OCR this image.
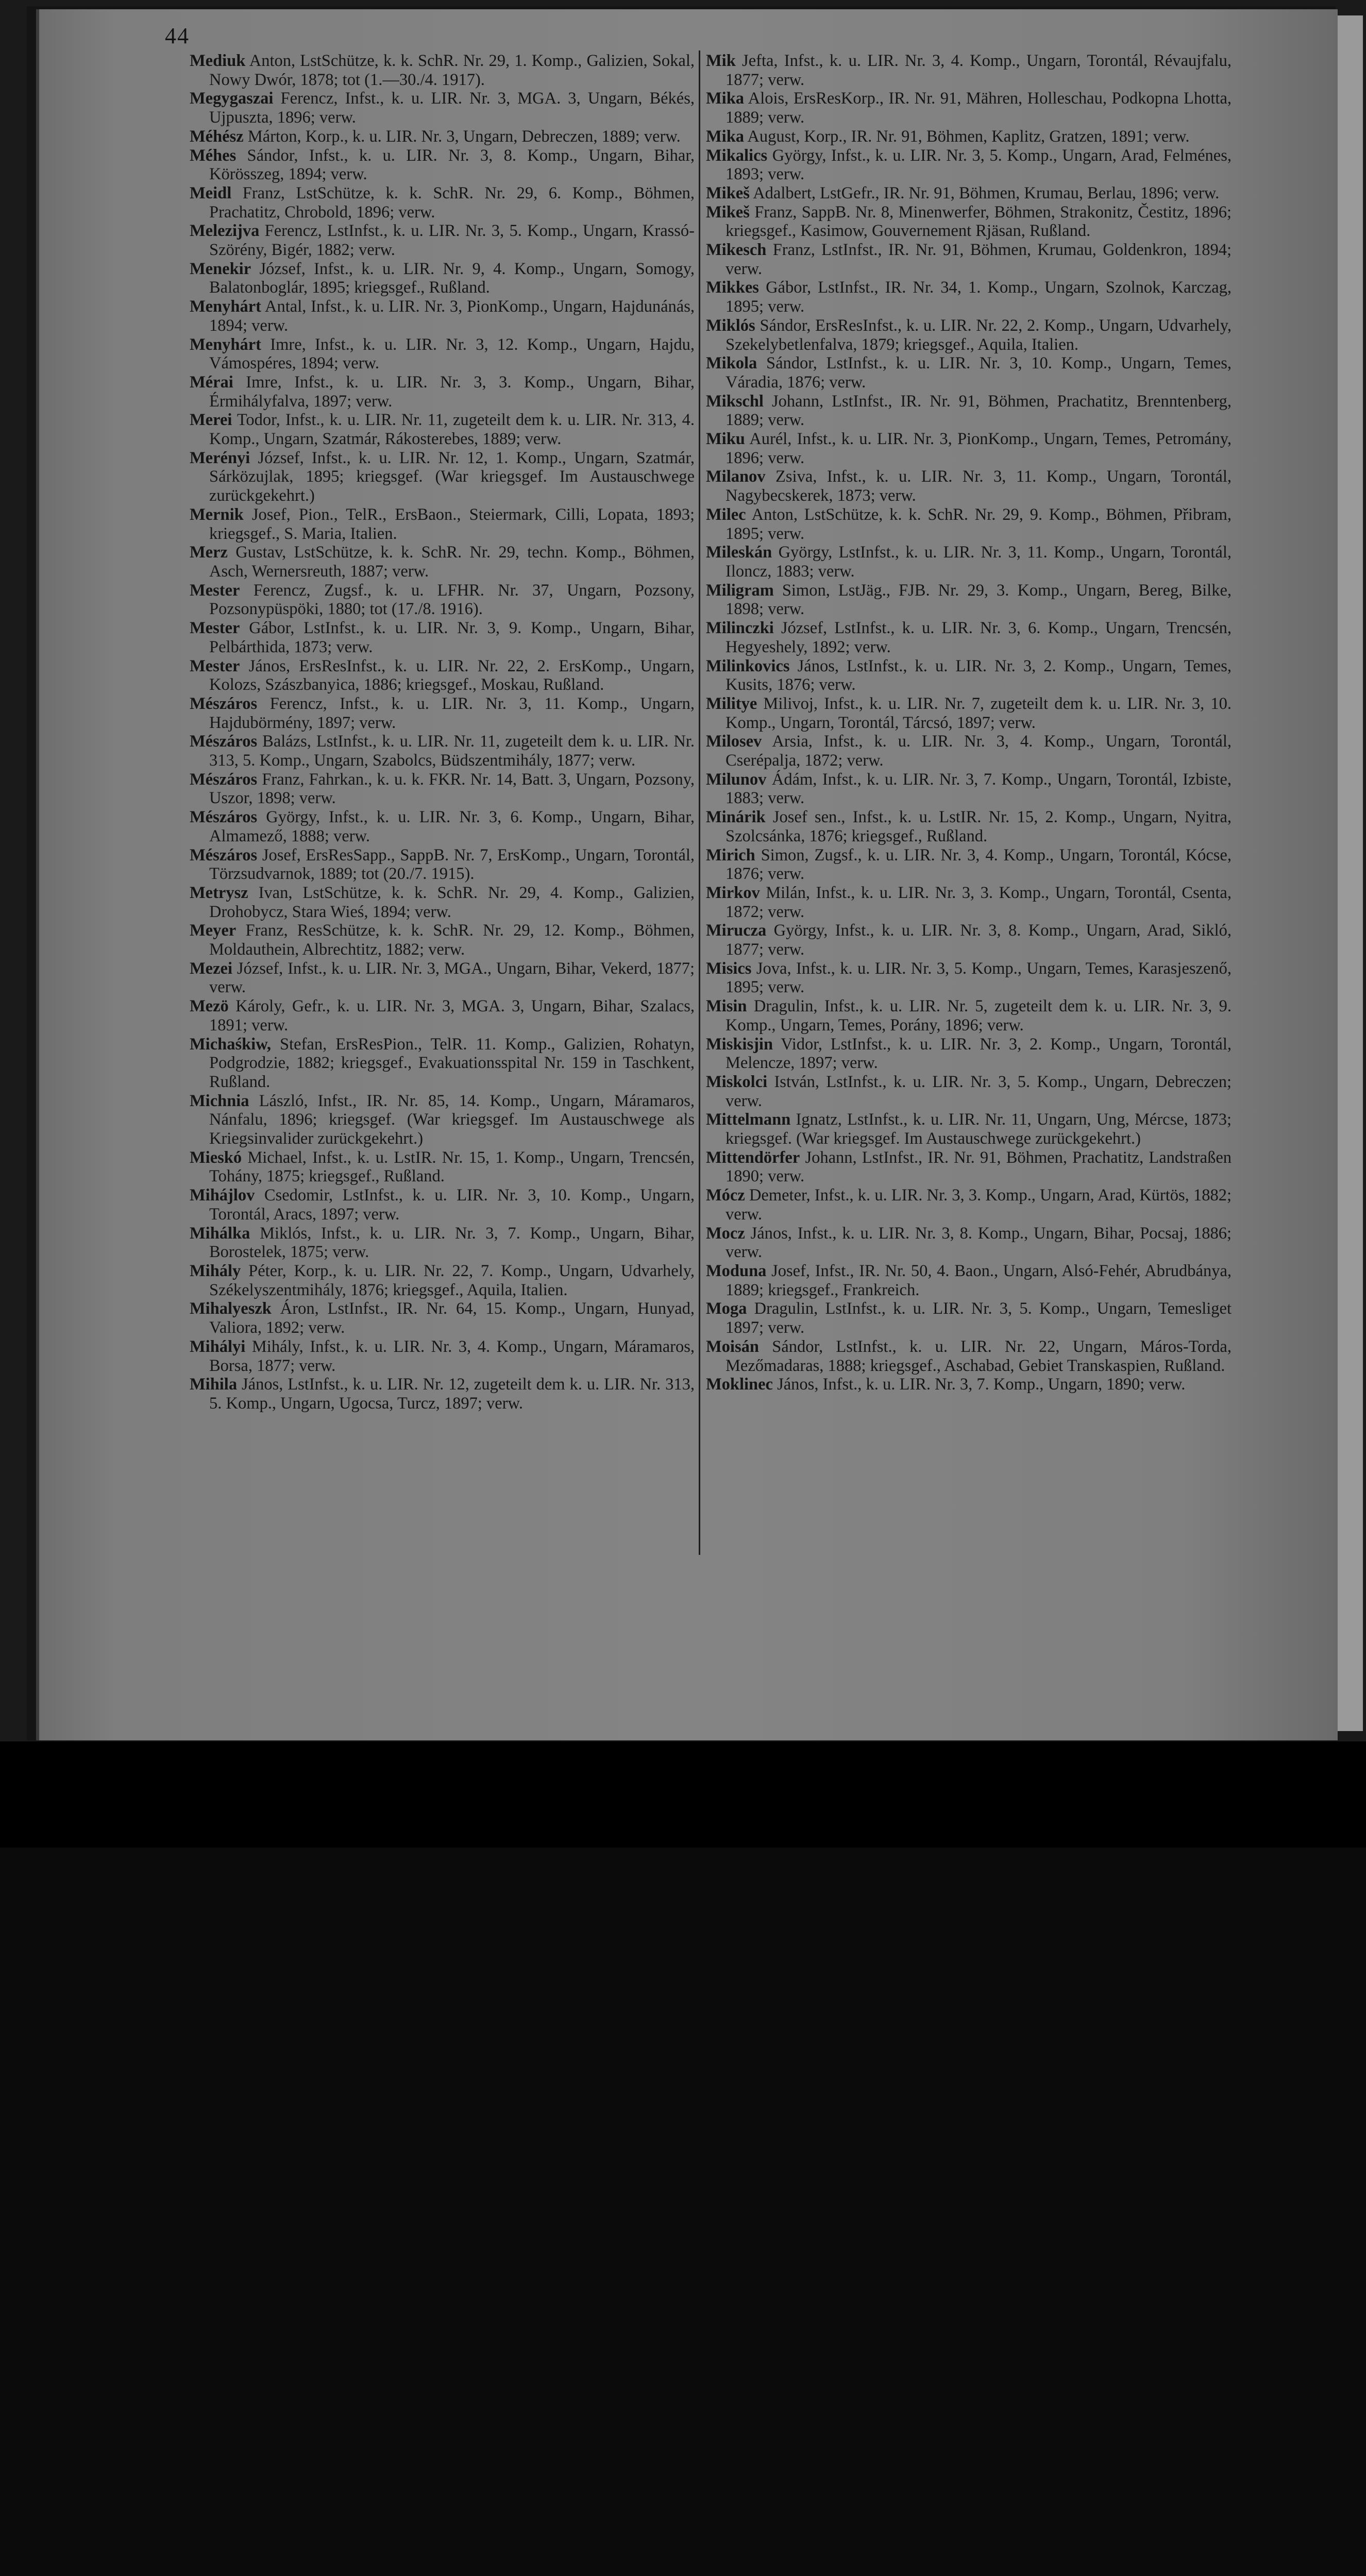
44
Mediuk Anton, LstSchütze, k. k. SchR. Nr. 29, 1. Komp., Galizien, Sokal, Nowy Dwór, 1878; tot (1.—30./4. 1917).
Megygaszai Ferencz, Infst., k. u. LIR. Nr. 3, MGA. 3, Ungarn, Békés, Ujpuszta, 1896; verw.
Méhész Márton, Korp., k. u. LIR. Nr. 3, Ungarn, Debreczen, 1889; verw.
Méhes Sándor, Infst., k. u. LIR. Nr. 3, 8. Komp., Ungarn, Bihar, Körösszeg, 1894; verw.
Meidl Franz, LstSchütze, k. k. SchR. Nr. 29, 6. Komp., Böhmen, Prachatitz, Chrobold, 1896; verw.
Melezijva Ferencz, LstInfst., k. u. LIR. Nr. 3, 5. Komp., Ungarn, Krassó-Szörény, Bigér, 1882; verw.
Menekir József, Infst., k. u. LIR. Nr. 9, 4. Komp., Ungarn, Somogy, Balatonboglár, 1895; kriegsgef., Rußland.
Menyhárt Antal, Infst., k. u. LIR. Nr. 3, PionKomp., Ungarn, Hajdunánás, 1894; verw.
Menyhárt Imre, Infst., k. u. LIR. Nr. 3, 12. Komp., Ungarn, Hajdu, Vámospéres, 1894; verw.
Mérai Imre, Infst., k. u. LIR. Nr. 3, 3. Komp., Ungarn, Bihar, Érmihályfalva, 1897; verw.
Merei Todor, Infst., k. u. LIR. Nr. 11, zugeteilt dem k. u. LIR. Nr. 313, 4. Komp., Ungarn, Szatmár, Rákosterebes, 1889; verw.
Merényi József, Infst., k. u. LIR. Nr. 12, 1. Komp., Ungarn, Szatmár, Sárközujlak, 1895; kriegsgef. (War kriegsgef. Im Austauschwege zurückgekehrt.)
Mernik Josef, Pion., TelR., ErsBaon., Steiermark, Cilli, Lopata, 1893; kriegsgef., S. Maria, Italien.
Merz Gustav, LstSchütze, k. k. SchR. Nr. 29, techn. Komp., Böhmen, Asch, Wernersreuth, 1887; verw.
Mester Ferencz, Zugsf., k. u. LFHR. Nr. 37, Ungarn, Pozsony, Pozsonypüspöki, 1880; tot (17./8. 1916).
Mester Gábor, LstInfst., k. u. LIR. Nr. 3, 9. Komp., Ungarn, Bihar, Pelbárthida, 1873; verw.
Mester János, ErsResInfst., k. u. LIR. Nr. 22, 2. ErsKomp., Ungarn, Kolozs, Szászbanyica, 1886; kriegsgef., Moskau, Rußland.
Mészáros Ferencz, Infst., k. u. LIR. Nr. 3, 11. Komp., Ungarn, Hajdubörmény, 1897; verw.
Mészáros Balázs, LstInfst., k. u. LIR. Nr. 11, zugeteilt dem k. u. LIR. Nr. 313, 5. Komp., Ungarn, Szabolcs, Büdszentmihály, 1877; verw.
Mészáros Franz, Fahrkan., k. u. k. FKR. Nr. 14, Batt. 3, Ungarn, Pozsony, Uszor, 1898; verw.
Mészáros György, Infst., k. u. LIR. Nr. 3, 6. Komp., Ungarn, Bihar, Almamező, 1888; verw.
Mészáros Josef, ErsResSapp., SappB. Nr. 7, ErsKomp., Ungarn, Torontál, Törzsudvarnok, 1889; tot (20./7. 1915).
Metrysz Ivan, LstSchütze, k. k. SchR. Nr. 29, 4. Komp., Galizien, Drohobycz, Stara Wieś, 1894; verw.
Meyer Franz, ResSchütze, k. k. SchR. Nr. 29, 12. Komp., Böhmen, Moldauthein, Albrechtitz, 1882; verw.
Mezei József, Infst., k. u. LIR. Nr. 3, MGA., Ungarn, Bihar, Vekerd, 1877; verw.
Mezö Károly, Gefr., k. u. LIR. Nr. 3, MGA. 3, Ungarn, Bihar, Szalacs, 1891; verw.
Michaśkiw, Stefan, ErsResPion., TelR. 11. Komp., Galizien, Rohatyn, Podgrodzie, 1882; kriegsgef., Evakuationsspital Nr. 159 in Taschkent, Rußland.
Michnia László, Infst., IR. Nr. 85, 14. Komp., Ungarn, Máramaros, Nánfalu, 1896; kriegsgef. (War kriegsgef. Im Austauschwege als Kriegsinvalider zurückgekehrt.)
Mieskó Michael, Infst., k. u. LstIR. Nr. 15, 1. Komp., Ungarn, Trencsén, Tohány, 1875; kriegsgef., Rußland.
Mihájlov Csedomir, LstInfst., k. u. LIR. Nr. 3, 10. Komp., Ungarn, Torontál, Aracs, 1897; verw.
Mihálka Miklós, Infst., k. u. LIR. Nr. 3, 7. Komp., Ungarn, Bihar, Borostelek, 1875; verw.
Mihály Péter, Korp., k. u. LIR. Nr. 22, 7. Komp., Ungarn, Udvarhely, Székelyszentmihály, 1876; kriegsgef., Aquila, Italien.
Mihalyeszk Áron, LstInfst., IR. Nr. 64, 15. Komp., Ungarn, Hunyad, Valiora, 1892; verw.
Mihályi Mihály, Infst., k. u. LIR. Nr. 3, 4. Komp., Ungarn, Máramaros, Borsa, 1877; verw.
Mihila János, LstInfst., k. u. LIR. Nr. 12, zugeteilt dem k. u. LIR. Nr. 313, 5. Komp., Ungarn, Ugocsa, Turcz, 1897; verw.
Mik Jefta, Infst., k. u. LIR. Nr. 3, 4. Komp., Ungarn, Torontál, Révaujfalu, 1877; verw.
Mika Alois, ErsResKorp., IR. Nr. 91, Mähren, Holleschau, Podkopna Lhotta, 1889; verw.
Mika August, Korp., IR. Nr. 91, Böhmen, Kaplitz, Gratzen, 1891; verw.
Mikalics György, Infst., k. u. LIR. Nr. 3, 5. Komp., Ungarn, Arad, Felménes, 1893; verw.
Mikeš Adalbert, LstGefr., IR. Nr. 91, Böhmen, Krumau, Berlau, 1896; verw.
Mikeš Franz, SappB. Nr. 8, Minenwerfer, Böhmen, Strakonitz, Čestitz, 1896; kriegsgef., Kasimow, Gouvernement Rjäsan, Rußland.
Mikesch Franz, LstInfst., IR. Nr. 91, Böhmen, Krumau, Goldenkron, 1894; verw.
Mikkes Gábor, LstInfst., IR. Nr. 34, 1. Komp., Ungarn, Szolnok, Karczag, 1895; verw.
Miklós Sándor, ErsResInfst., k. u. LIR. Nr. 22, 2. Komp., Ungarn, Udvarhely, Szekelybetlenfalva, 1879; kriegsgef., Aquila, Italien.
Mikola Sándor, LstInfst., k. u. LIR. Nr. 3, 10. Komp., Ungarn, Temes, Váradia, 1876; verw.
Mikschl Johann, LstInfst., IR. Nr. 91, Böhmen, Prachatitz, Brenntenberg, 1889; verw.
Miku Aurél, Infst., k. u. LIR. Nr. 3, PionKomp., Ungarn, Temes, Petromány, 1896; verw.
Milanov Zsiva, Infst., k. u. LIR. Nr. 3, 11. Komp., Ungarn, Torontál, Nagybecskerek, 1873; verw.
Milec Anton, LstSchütze, k. k. SchR. Nr. 29, 9. Komp., Böhmen, Přibram, 1895; verw.
Mileskán György, LstInfst., k. u. LIR. Nr. 3, 11. Komp., Ungarn, Torontál, Iloncz, 1883; verw.
Miligram Simon, LstJäg., FJB. Nr. 29, 3. Komp., Ungarn, Bereg, Bilke, 1898; verw.
Milinczki József, LstInfst., k. u. LIR. Nr. 3, 6. Komp., Ungarn, Trencsén, Hegyeshely, 1892; verw.
Milinkovics János, LstInfst., k. u. LIR. Nr. 3, 2. Komp., Ungarn, Temes, Kusits, 1876; verw.
Militye Milivoj, Infst., k. u. LIR. Nr. 7, zugeteilt dem k. u. LIR. Nr. 3, 10. Komp., Ungarn, Torontál, Tárcsó, 1897; verw.
Milosev Arsia, Infst., k. u. LIR. Nr. 3, 4. Komp., Ungarn, Torontál, Cserépalja, 1872; verw.
Milunov Ádám, Infst., k. u. LIR. Nr. 3, 7. Komp., Ungarn, Torontál, Izbiste, 1883; verw.
Minárik Josef sen., Infst., k. u. LstIR. Nr. 15, 2. Komp., Ungarn, Nyitra, Szolcsánka, 1876; kriegsgef., Rußland.
Mirich Simon, Zugsf., k. u. LIR. Nr. 3, 4. Komp., Ungarn, Torontál, Kócse, 1876; verw.
Mirkov Milán, Infst., k. u. LIR. Nr. 3, 3. Komp., Ungarn, Torontál, Csenta, 1872; verw.
Mirucza György, Infst., k. u. LIR. Nr. 3, 8. Komp., Ungarn, Arad, Sikló, 1877; verw.
Misics Jova, Infst., k. u. LIR. Nr. 3, 5. Komp., Ungarn, Temes, Karasjeszenő, 1895; verw.
Misin Dragulin, Infst., k. u. LIR. Nr. 5, zugeteilt dem k. u. LIR. Nr. 3, 9. Komp., Ungarn, Temes, Porány, 1896; verw.
Miskisjin Vidor, LstInfst., k. u. LIR. Nr. 3, 2. Komp., Ungarn, Torontál, Melencze, 1897; verw.
Miskolci István, LstInfst., k. u. LIR. Nr. 3, 5. Komp., Ungarn, Debreczen; verw.
Mittelmann Ignatz, LstInfst., k. u. LIR. Nr. 11, Ungarn, Ung, Mércse, 1873; kriegsgef. (War kriegsgef. Im Austauschwege zurückgekehrt.)
Mittendörfer Johann, LstInfst., IR. Nr. 91, Böhmen, Prachatitz, Landstraßen 1890; verw.
Mócz Demeter, Infst., k. u. LIR. Nr. 3, 3. Komp., Ungarn, Arad, Kürtös, 1882; verw.
Mocz János, Infst., k. u. LIR. Nr. 3, 8. Komp., Ungarn, Bihar, Pocsaj, 1886; verw.
Moduna Josef, Infst., IR. Nr. 50, 4. Baon., Ungarn, Alsó-Fehér, Abrudbánya, 1889; kriegsgef., Frankreich.
Moga Dragulin, LstInfst., k. u. LIR. Nr. 3, 5. Komp., Ungarn, Temesliget 1897; verw.
Moisán Sándor, LstInfst., k. u. LIR. Nr. 22, Ungarn, Máros-Torda, Mezőmadaras, 1888; kriegsgef., Aschabad, Gebiet Transkaspien, Rußland.
Moklinec János, Infst., k. u. LIR. Nr. 3, 7. Komp., Ungarn, 1890; verw.
